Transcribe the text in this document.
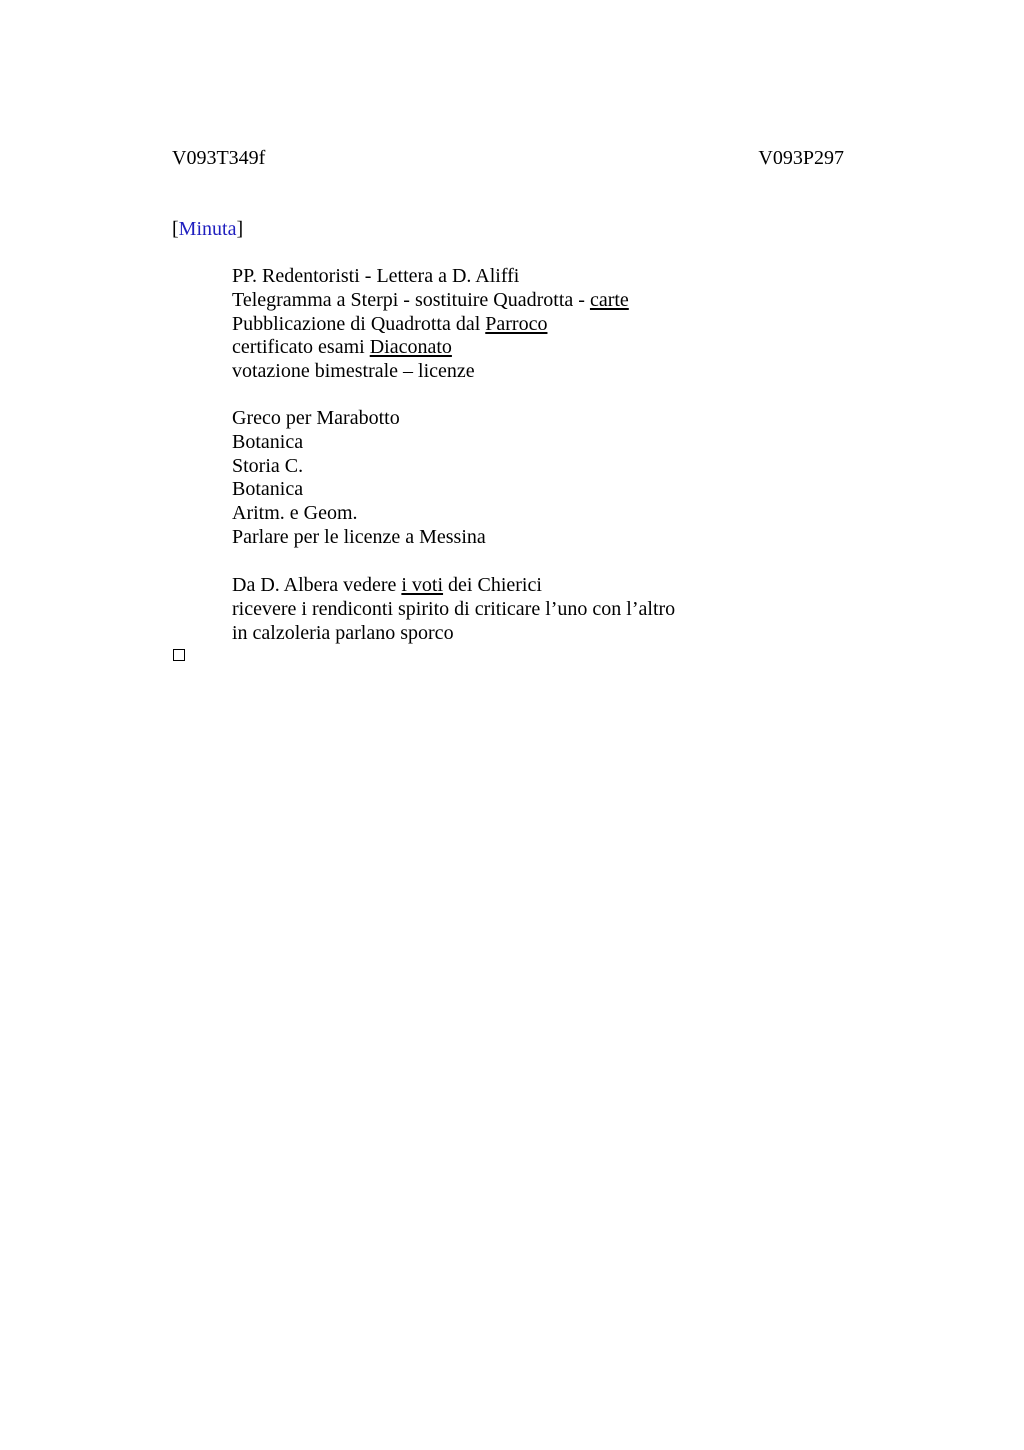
V093T349f	V093P297
[Minuta]
PP. Redentoristi - Lettera a D. Aliffi
Telegramma a Sterpi - sostituire Quadrotta - carte
Pubblicazione di Quadrotta dal Parroco
certificato esami Diaconato
votazione bimestrale – licenze
Greco per Marabotto
Botanica
Storia C.
Botanica
Aritm. e Geom.
Parlare per le licenze a Messina
Da D. Albera vedere i voti dei Chierici
ricevere i rendiconti spirito di criticare l’uno con l’altro
in calzoleria parlano sporco
